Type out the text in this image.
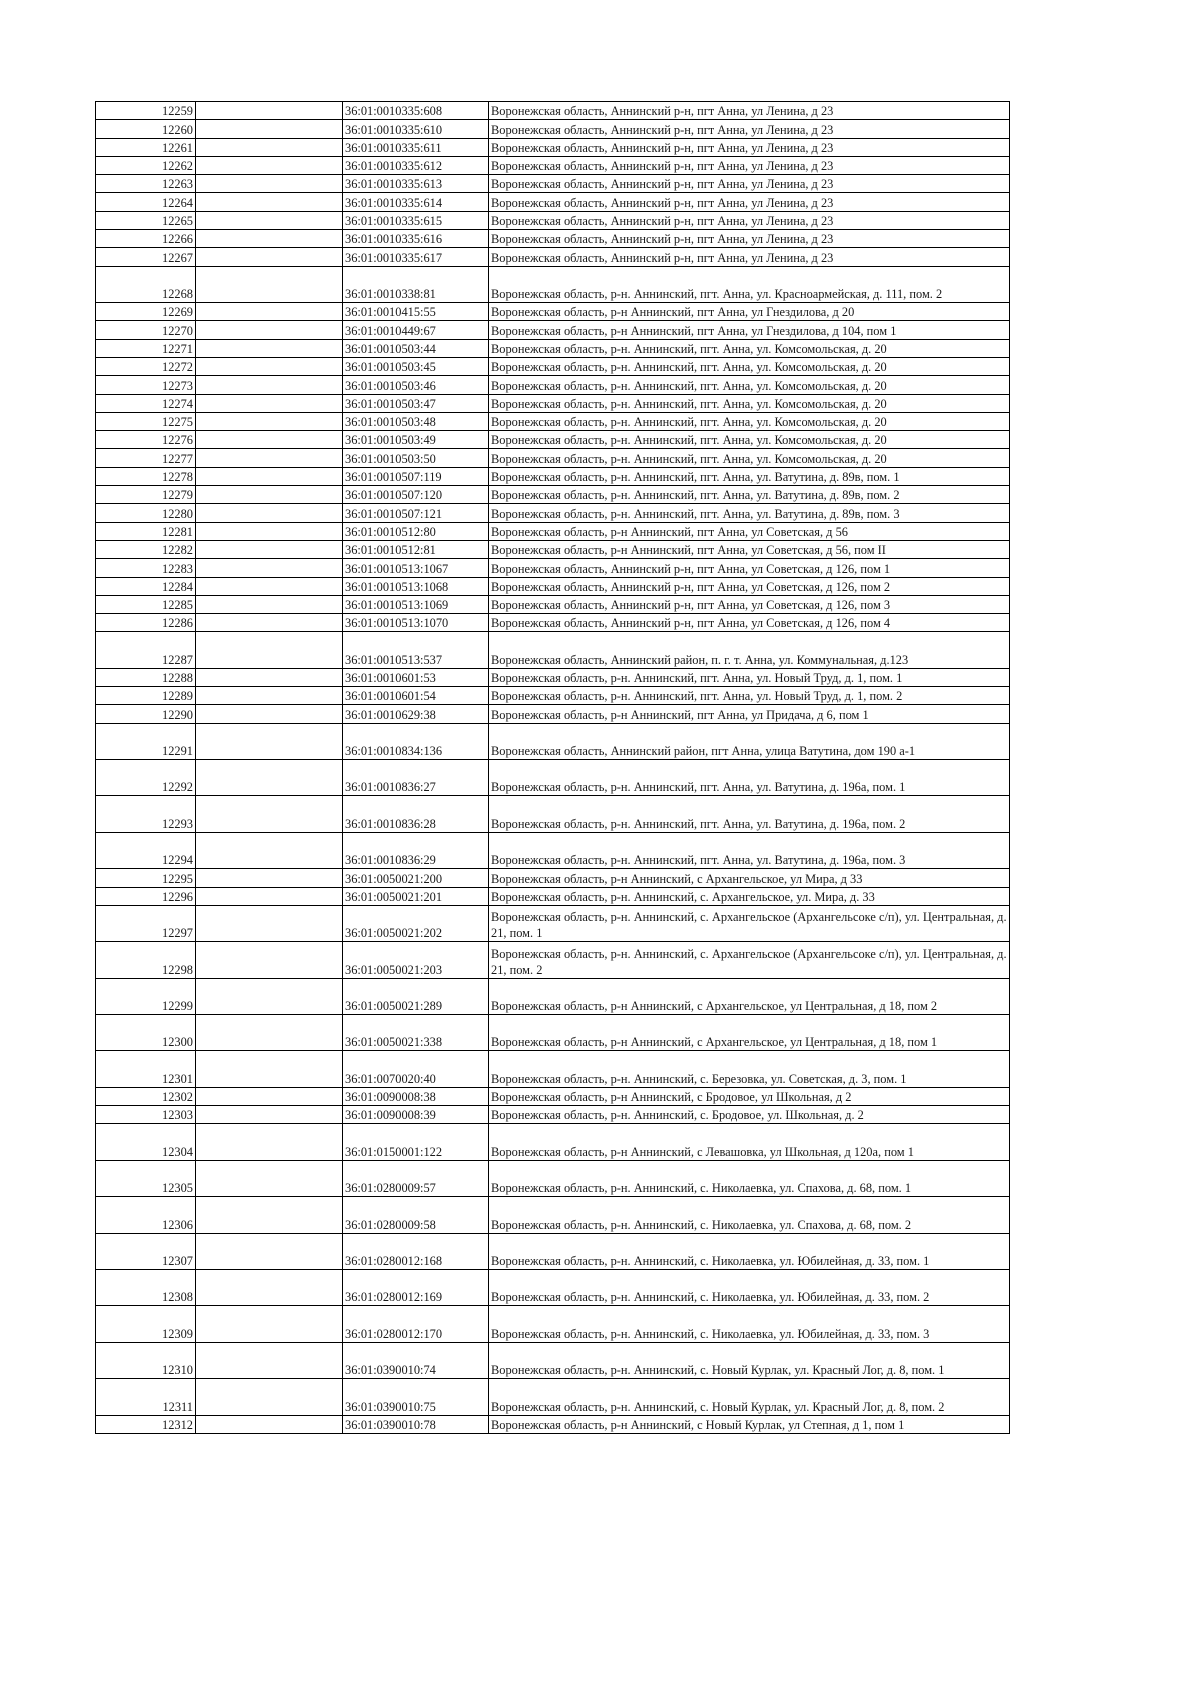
12259		36:01:0010335:608	Воронежская область, Аннинский р-н, пгт Анна, ул Ленина, д 23
12260		36:01:0010335:610	Воронежская область, Аннинский р-н, пгт Анна, ул Ленина, д 23
12261		36:01:0010335:611	Воронежская область, Аннинский р-н, пгт Анна, ул Ленина, д 23
12262		36:01:0010335:612	Воронежская область, Аннинский р-н, пгт Анна, ул Ленина, д 23
12263		36:01:0010335:613	Воронежская область, Аннинский р-н, пгт Анна, ул Ленина, д 23
12264		36:01:0010335:614	Воронежская область, Аннинский р-н, пгт Анна, ул Ленина, д 23
12265		36:01:0010335:615	Воронежская область, Аннинский р-н, пгт Анна, ул Ленина, д 23
12266		36:01:0010335:616	Воронежская область, Аннинский р-н, пгт Анна, ул Ленина, д 23
12267		36:01:0010335:617	Воронежская область, Аннинский р-н, пгт Анна, ул Ленина, д 23
12268		36:01:0010338:81	Воронежская область, р-н. Аннинский, пгт. Анна, ул. Красноармейская, д. 111, пом. 2
12269		36:01:0010415:55	Воронежская область, р-н Аннинский, пгт Анна, ул Гнездилова, д 20
12270		36:01:0010449:67	Воронежская область, р-н Аннинский, пгт Анна, ул Гнездилова, д 104, пом 1
12271		36:01:0010503:44	Воронежская область, р-н. Аннинский, пгт. Анна, ул. Комсомольская, д. 20
12272		36:01:0010503:45	Воронежская область, р-н. Аннинский, пгт. Анна, ул. Комсомольская, д. 20
12273		36:01:0010503:46	Воронежская область, р-н. Аннинский, пгт. Анна, ул. Комсомольская, д. 20
12274		36:01:0010503:47	Воронежская область, р-н. Аннинский, пгт. Анна, ул. Комсомольская, д. 20
12275		36:01:0010503:48	Воронежская область, р-н. Аннинский, пгт. Анна, ул. Комсомольская, д. 20
12276		36:01:0010503:49	Воронежская область, р-н. Аннинский, пгт. Анна, ул. Комсомольская, д. 20
12277		36:01:0010503:50	Воронежская область, р-н. Аннинский, пгт. Анна, ул. Комсомольская, д. 20
12278		36:01:0010507:119	Воронежская область, р-н. Аннинский, пгт. Анна, ул. Ватутина, д. 89в, пом. 1
12279		36:01:0010507:120	Воронежская область, р-н. Аннинский, пгт. Анна, ул. Ватутина, д. 89в, пом. 2
12280		36:01:0010507:121	Воронежская область, р-н. Аннинский, пгт. Анна, ул. Ватутина, д. 89в, пом. 3
12281		36:01:0010512:80	Воронежская область, р-н Аннинский, пгт Анна, ул Советская, д 56
12282		36:01:0010512:81	Воронежская область, р-н Аннинский, пгт Анна, ул Советская, д 56, пом II
12283		36:01:0010513:1067	Воронежская область, Аннинский р-н, пгт Анна, ул Советская, д 126, пом 1
12284		36:01:0010513:1068	Воронежская область, Аннинский р-н, пгт Анна, ул Советская, д 126, пом 2
12285		36:01:0010513:1069	Воронежская область, Аннинский р-н, пгт Анна, ул Советская, д 126, пом 3
12286		36:01:0010513:1070	Воронежская область, Аннинский р-н, пгт Анна, ул Советская, д 126, пом 4
12287		36:01:0010513:537	Воронежская область, Аннинский район, п. г. т. Анна, ул. Коммунальная, д.123
12288		36:01:0010601:53	Воронежская область, р-н. Аннинский, пгт. Анна, ул. Новый Труд, д. 1, пом. 1
12289		36:01:0010601:54	Воронежская область, р-н. Аннинский, пгт. Анна, ул. Новый Труд, д. 1, пом. 2
12290		36:01:0010629:38	Воронежская область, р-н Аннинский, пгт Анна, ул Придача, д 6, пом 1
12291		36:01:0010834:136	Воронежская область, Аннинский район, пгт Анна, улица Ватутина, дом 190 а-1
12292		36:01:0010836:27	Воронежская область, р-н. Аннинский, пгт. Анна, ул. Ватутина, д. 196а, пом. 1
12293		36:01:0010836:28	Воронежская область, р-н. Аннинский, пгт. Анна, ул. Ватутина, д. 196а, пом. 2
12294		36:01:0010836:29	Воронежская область, р-н. Аннинский, пгт. Анна, ул. Ватутина, д. 196а, пом. 3
12295		36:01:0050021:200	Воронежская область, р-н Аннинский, с Архангельское, ул Мира, д 33
12296		36:01:0050021:201	Воронежская область, р-н. Аннинский, с. Архангельское, ул. Мира, д. 33
12297		36:01:0050021:202	Воронежская область, р-н. Аннинский, с. Архангельское (Архангельсоке с/п), ул. Центральная, д. 21, пом. 1
12298		36:01:0050021:203	Воронежская область, р-н. Аннинский, с. Архангельское (Архангельсоке с/п), ул. Центральная, д. 21, пом. 2
12299		36:01:0050021:289	Воронежская область, р-н Аннинский, с Архангельское, ул Центральная, д 18, пом 2
12300		36:01:0050021:338	Воронежская область, р-н Аннинский, с Архангельское, ул Центральная, д 18, пом 1
12301		36:01:0070020:40	Воронежская область, р-н. Аннинский, с. Березовка, ул. Советская, д. 3, пом. 1
12302		36:01:0090008:38	Воронежская область, р-н Аннинский, с Бродовое, ул Школьная, д 2
12303		36:01:0090008:39	Воронежская область, р-н. Аннинский, с. Бродовое, ул. Школьная, д. 2
12304		36:01:0150001:122	Воронежская область, р-н Аннинский, с Левашовка, ул Школьная, д 120а, пом 1
12305		36:01:0280009:57	Воронежская область, р-н. Аннинский, с. Николаевка, ул. Спахова, д. 68, пом. 1
12306		36:01:0280009:58	Воронежская область, р-н. Аннинский, с. Николаевка, ул. Спахова, д. 68, пом. 2
12307		36:01:0280012:168	Воронежская область, р-н. Аннинский, с. Николаевка, ул. Юбилейная, д. 33, пом. 1
12308		36:01:0280012:169	Воронежская область, р-н. Аннинский, с. Николаевка, ул. Юбилейная, д. 33, пом. 2
12309		36:01:0280012:170	Воронежская область, р-н. Аннинский, с. Николаевка, ул. Юбилейная, д. 33, пом. 3
12310		36:01:0390010:74	Воронежская область, р-н. Аннинский, с. Новый Курлак, ул. Красный Лог, д. 8, пом. 1
12311		36:01:0390010:75	Воронежская область, р-н. Аннинский, с. Новый Курлак, ул. Красный Лог, д. 8, пом. 2
12312		36:01:0390010:78	Воронежская область, р-н Аннинский, с Новый Курлак, ул Степная, д 1, пом 1
